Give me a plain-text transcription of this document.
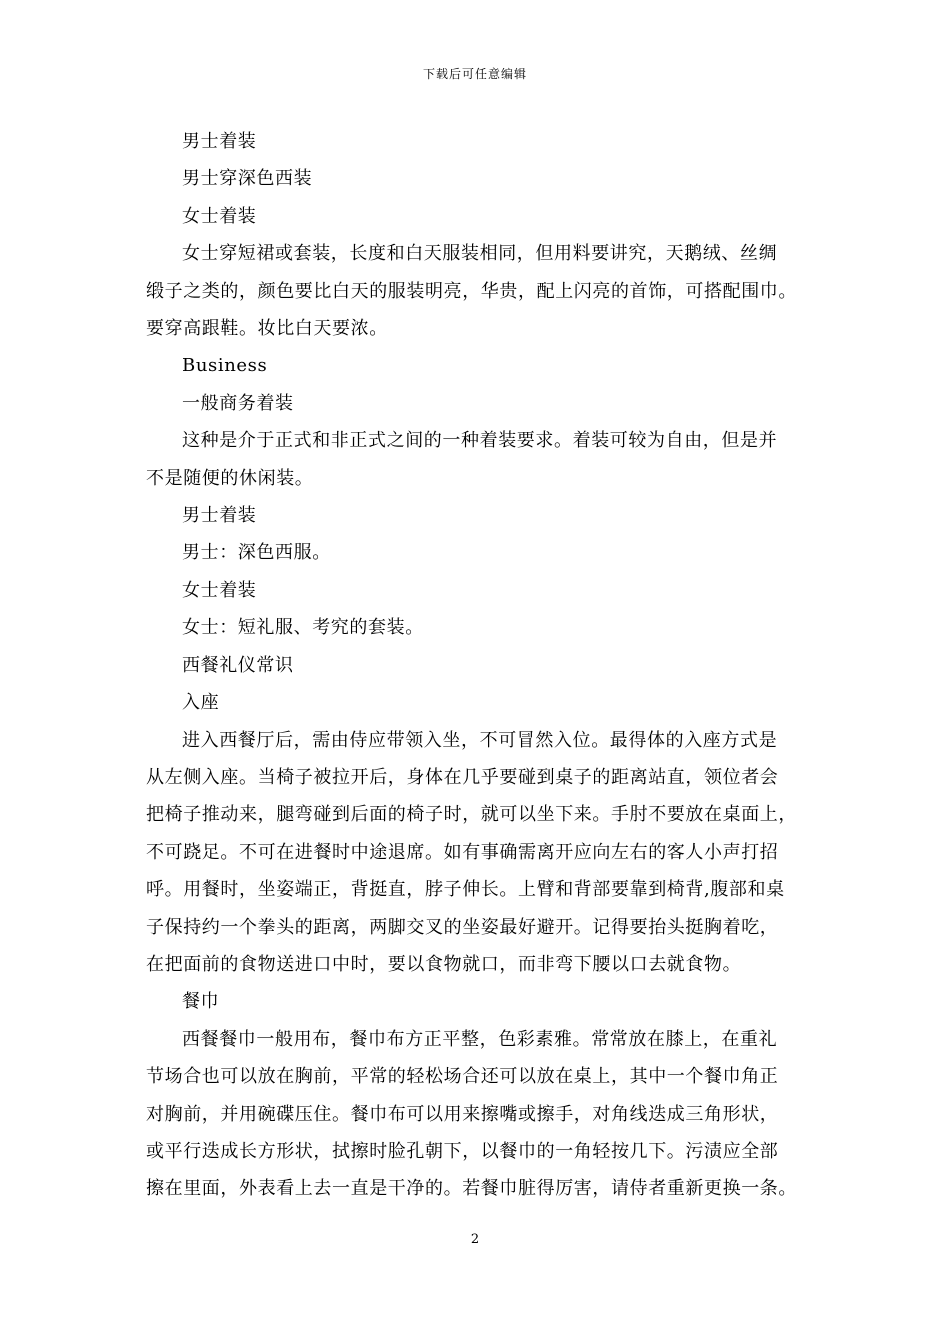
下载后可任意编辑
男士着装
男士穿深色西装
女士着装
女士穿短裙或套装，长度和白天服装相同，但用料要讲究，天鹅绒、丝绸
缎子之类的，颜色要比白天的服装明亮，华贵，配上闪亮的首饰，可搭配围巾。
要穿高跟鞋。妆比白天要浓。
Business
一般商务着装
这种是介于正式和非正式之间的一种着装要求。着装可较为自由，但是并
不是随便的休闲装。
男士着装
男士：深色西服。
女士着装
女士：短礼服、考究的套装。
西餐礼仪常识
入座
进入西餐厅后，需由侍应带领入坐，不可冒然入位。最得体的入座方式是
从左侧入座。当椅子被拉开后，身体在几乎要碰到桌子的距离站直，领位者会
把椅子推动来，腿弯碰到后面的椅子时，就可以坐下来。手肘不要放在桌面上，
不可跷足。不可在进餐时中途退席。如有事确需离开应向左右的客人小声打招
呼。用餐时，坐姿端正，背挺直，脖子伸长。上臂和背部要靠到椅背,腹部和桌
子保持约一个拳头的距离，两脚交叉的坐姿最好避开。记得要抬头挺胸着吃，
在把面前的食物送进口中时，要以食物就口，而非弯下腰以口去就食物。
餐巾
西餐餐巾一般用布，餐巾布方正平整，色彩素雅。常常放在膝上，在重礼
节场合也可以放在胸前，平常的轻松场合还可以放在桌上，其中一个餐巾角正
对胸前，并用碗碟压住。餐巾布可以用来擦嘴或擦手，对角线迭成三角形状，
或平行迭成长方形状，拭擦时脸孔朝下，以餐巾的一角轻按几下。污渍应全部
擦在里面，外表看上去一直是干净的。若餐巾脏得厉害，请侍者重新更换一条。
2
